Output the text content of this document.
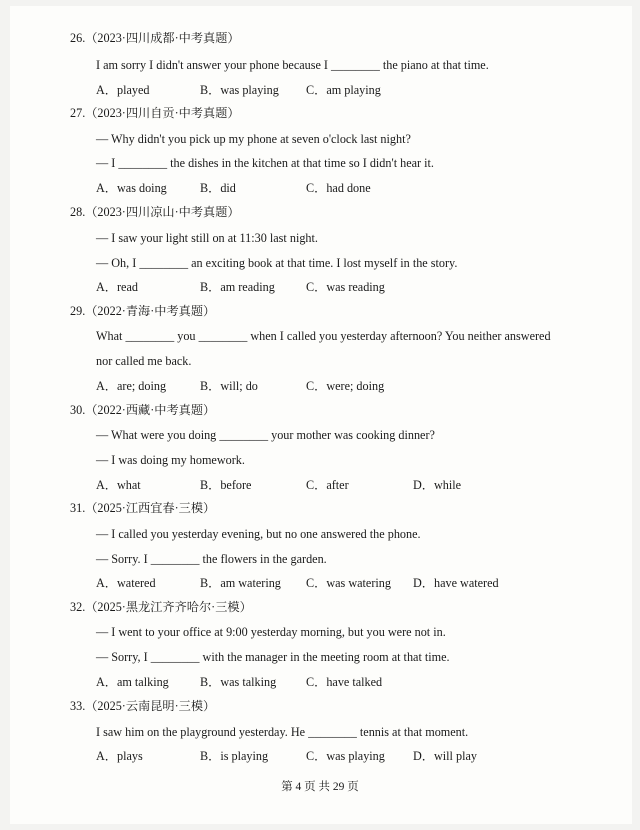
26.（2023·四川成都·中考真题）
I am sorry I didn't answer your phone because I ________ the piano at that time.
A．played	B．was playing C．am playing
27.（2023·四川自贡·中考真题）
— Why didn't you pick up my phone at seven o'clock last night?
— I ________ the dishes in the kitchen at that time so I didn't hear it.
A．was doing	B．did	C．had done
28.（2023·四川凉山·中考真题）
— I saw your light still on at 11:30 last night.
— Oh, I ________ an exciting book at that time. I lost myself in the story.
A．read	B．am reading	C．was reading
29.（2022·青海·中考真题）
What ________ you ________ when I called you yesterday afternoon? You neither answered
nor called me back.
A．are; doing	B．will; do	C．were; doing
30.（2022·西藏·中考真题）
— What were you doing ________ your mother was cooking dinner?
— I was doing my homework.
A．what	B．before	C．after	D．while
31.（2025·江西宜春·三模）
— I called you yesterday evening, but no one answered the phone.
— Sorry. I ________ the flowers in the garden.
A．watered	B．am watering C．was watering D．have watered
32.（2025·黑龙江齐齐哈尔·三模）
— I went to your office at 9:00 yesterday morning, but you were not in.
— Sorry, I ________ with the manager in the meeting room at that time.
A．am talking	B．was talking C．have talked
33.（2025·云南昆明·三模）
I saw him on the playground yesterday. He ________ tennis at that moment.
A．plays	B．is playing	C．was playing D．will play
第 4 页 共 29 页
